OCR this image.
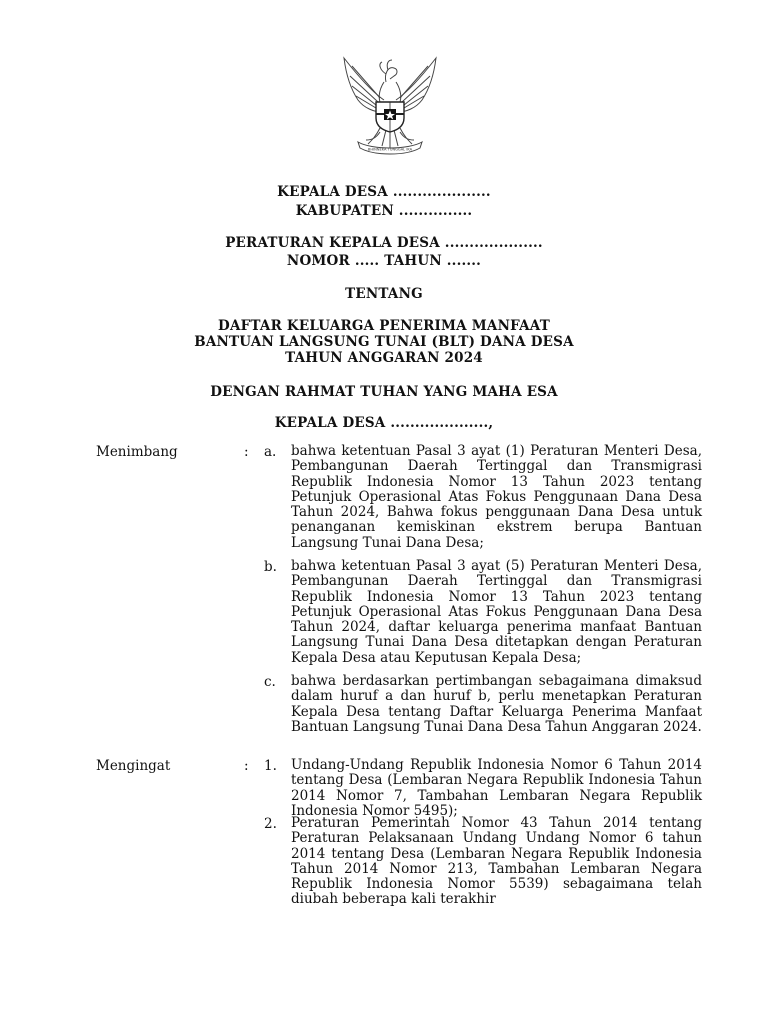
BHINNEKA TUNGGAL IKA
KEPALA DESA ....................
KABUPATEN ...............
PERATURAN KEPALA DESA ....................
NOMOR ..... TAHUN .......
TENTANG
DAFTAR KELUARGA PENERIMA MANFAAT
BANTUAN LANGSUNG TUNAI (BLT) DANA DESA
TAHUN ANGGARAN 2024
DENGAN RAHMAT TUHAN YANG MAHA ESA
KEPALA DESA ....................,
Menimbang	: a. bahwa ketentuan Pasal 3 ayat (1) Peraturan Menteri Desa, Pembangunan Daerah Tertinggal dan Transmigrasi Republik Indonesia Nomor 13 Tahun 2023 tentang Petunjuk Operasional Atas Fokus Penggunaan Dana Desa Tahun 2024, Bahwa fokus penggunaan Dana Desa untuk penanganan kemiskinan ekstrem berupa Bantuan Langsung Tunai Dana Desa;

b. bahwa ketentuan Pasal 3 ayat (5) Peraturan Menteri Desa, Pembangunan Daerah Tertinggal dan Transmigrasi Republik Indonesia Nomor 13 Tahun 2023 tentang Petunjuk Operasional Atas Fokus Penggunaan Dana Desa Tahun 2024, daftar keluarga penerima manfaat Bantuan Langsung Tunai Dana Desa ditetapkan dengan Peraturan Kepala Desa atau Keputusan Kepala Desa;

c. bahwa berdasarkan pertimbangan sebagaimana dimaksud dalam huruf a dan huruf b, perlu menetapkan Peraturan Kepala Desa tentang Daftar Keluarga Penerima Manfaat Bantuan Langsung Tunai Dana Desa Tahun Anggaran 2024.

Mengingat	: 1. Undang-Undang Republik Indonesia Nomor 6 Tahun 2014 tentang Desa (Lembaran Negara Republik Indonesia Tahun 2014 Nomor 7, Tambahan Lembaran Negara Republik Indonesia Nomor 5495);

2. Peraturan Pemerintah Nomor 43 Tahun 2014 tentang Peraturan Pelaksanaan Undang Undang Nomor 6 tahun 2014 tentang Desa (Lembaran Negara Republik Indonesia Tahun 2014 Nomor 213, Tambahan Lembaran Negara Republik Indonesia Nomor 5539) sebagaimana telah diubah beberapa kali terakhir
